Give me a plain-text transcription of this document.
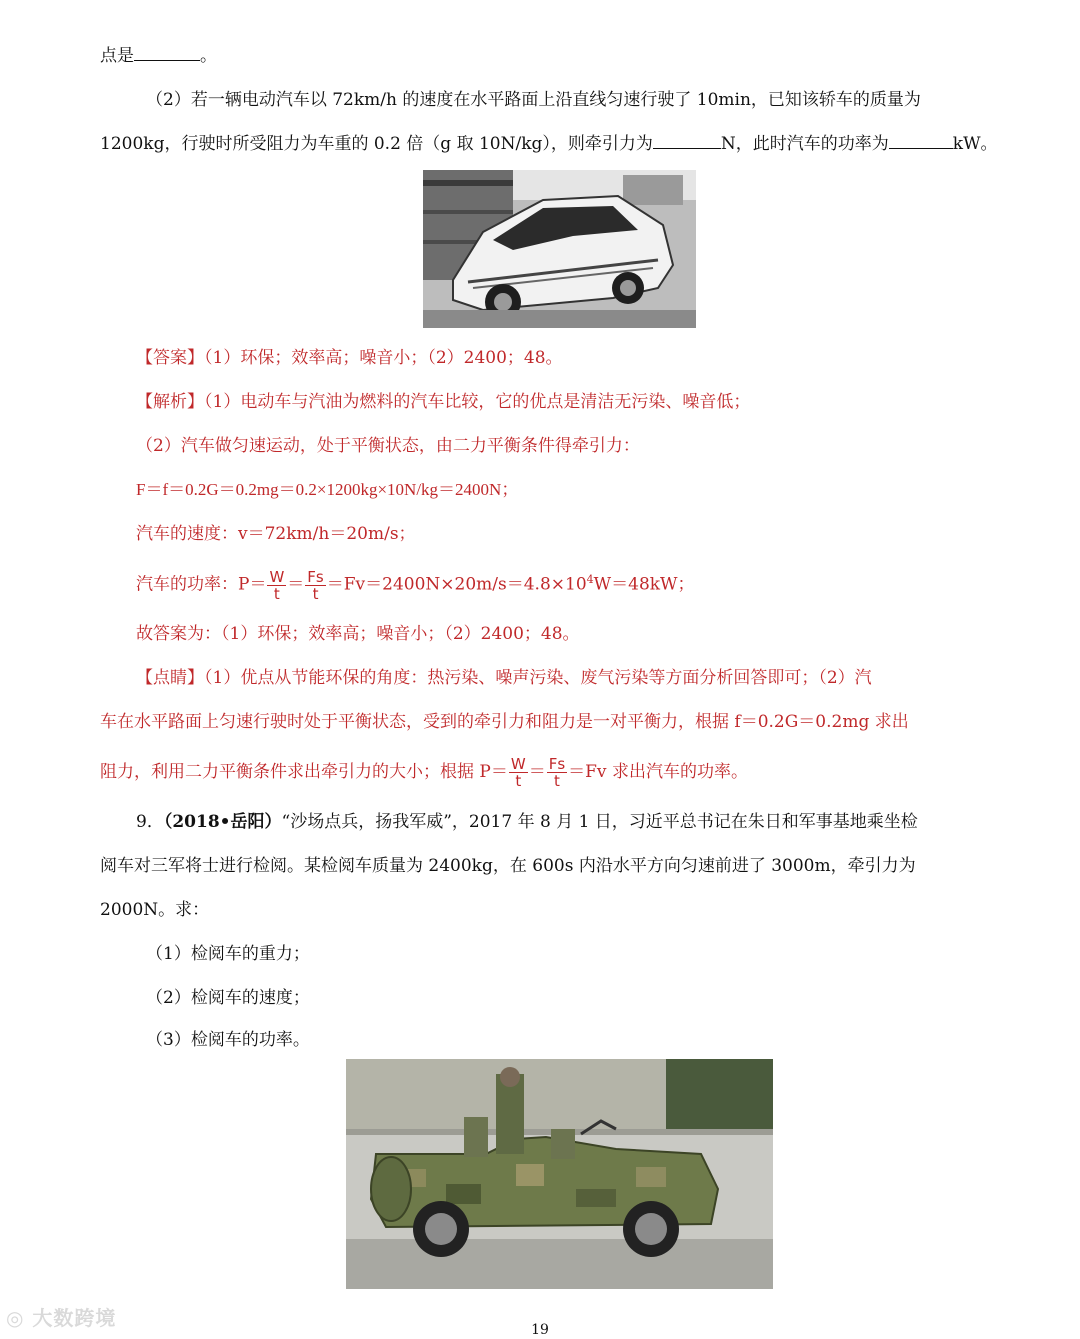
点是	。
（2）若一辆电动汽车以 72km/h 的速度在水平路面上沿直线匀速行驶了 10min，已知该轿车的质量为
1200kg，行驶时所受阻力为车重的 0.2 倍（g 取 10N/kg），则牵引力为	N，此时汽车的功率为	kW。
【答案】（1）环保；效率高；噪音小；（2）2400；48。
【解析】（1）电动车与汽油为燃料的汽车比较，它的优点是清洁无污染、噪音低；
（2）汽车做匀速运动，处于平衡状态，由二力平衡条件得牵引力：
F＝f＝0.2G＝0.2mg＝0.2×1200kg×10N/kg＝2400N；
汽车的速度：v＝72km/h＝20m/s；
汽车的功率：$P= \frac{W}{t} = \frac{Fs}{t} =Fv=2400N\times 20m/s=4.8\times 10^4W=48kW$；
故答案为：（1）环保；效率高；噪音小；（2）2400；48。
【点睛】（1）优点从节能环保的角度：热污染、噪声污染、废气污染等方面分析回答即可；（2）汽
车在水平路面上匀速行驶时处于平衡状态，受到的牵引力和阻力是一对平衡力，根据 f＝0.2G＝0.2mg 求出
阻力，利用二力平衡条件求出牵引力的大小；根据 $P= \frac{W}{t} = \frac{Fs}{t} =Fv$ 求出汽车的功率。
9．（2018•岳阳）“沙场点兵，扬我军威”，2017 年 8 月 1 日，习近平总书记在朱日和军事基地乘坐检
阅车对三军将士进行检阅。某检阅车质量为 2400kg，在 600s 内沿水平方向匀速前进了 3000m，牵引力为
2000N。求：
（1）检阅车的重力；
（2）检阅车的速度；
（3）检阅车的功率。
◎ 大数跨境	19
